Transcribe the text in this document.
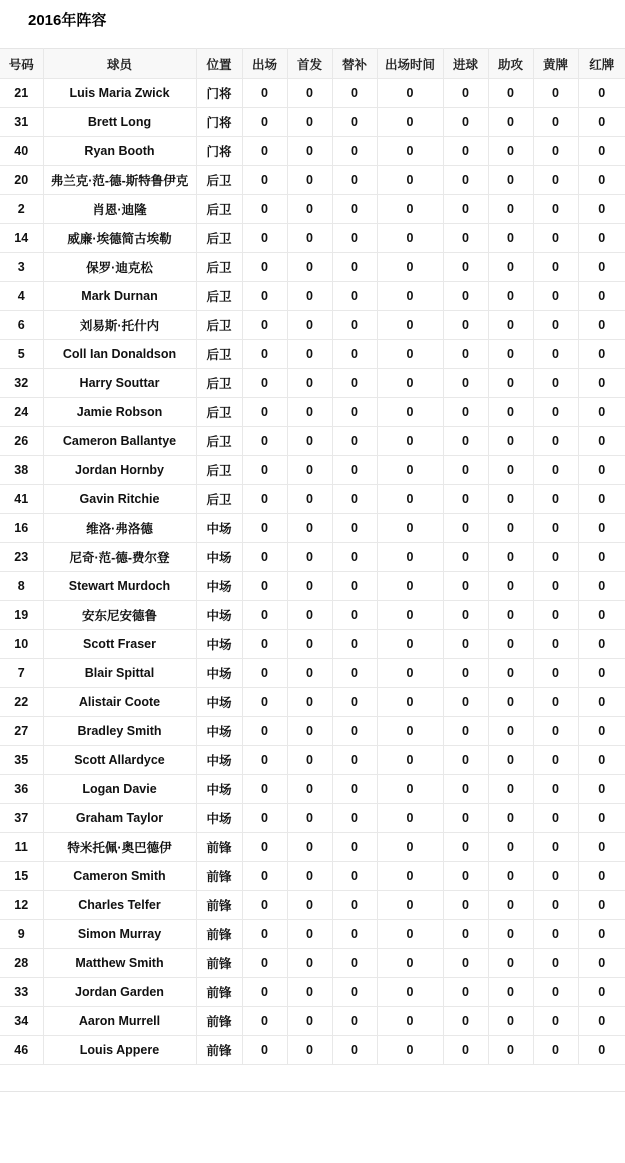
2016年阵容
号码	球员	位置	出场	首发	替补	出场时间	进球	助攻	黄牌	红牌
21	Luis Maria Zwick	门将	0	0	0	0	0	0	0	0
31	Brett Long	门将	0	0	0	0	0	0	0	0
40	Ryan Booth	门将	0	0	0	0	0	0	0	0
20	弗兰克·范-德-斯特鲁伊克	后卫	0	0	0	0	0	0	0	0
2	肖恩·迪隆	后卫	0	0	0	0	0	0	0	0
14	威廉·埃德简古埃勒	后卫	0	0	0	0	0	0	0	0
3	保罗·迪克松	后卫	0	0	0	0	0	0	0	0
4	Mark Durnan	后卫	0	0	0	0	0	0	0	0
6	刘易斯·托什内	后卫	0	0	0	0	0	0	0	0
5	Coll Ian Donaldson	后卫	0	0	0	0	0	0	0	0
32	Harry Souttar	后卫	0	0	0	0	0	0	0	0
24	Jamie Robson	后卫	0	0	0	0	0	0	0	0
26	Cameron Ballantye	后卫	0	0	0	0	0	0	0	0
38	Jordan Hornby	后卫	0	0	0	0	0	0	0	0
41	Gavin Ritchie	后卫	0	0	0	0	0	0	0	0
16	维洛·弗洛德	中场	0	0	0	0	0	0	0	0
23	尼奇·范-德-费尔登	中场	0	0	0	0	0	0	0	0
8	Stewart Murdoch	中场	0	0	0	0	0	0	0	0
19	安东尼安德鲁	中场	0	0	0	0	0	0	0	0
10	Scott Fraser	中场	0	0	0	0	0	0	0	0
7	Blair Spittal	中场	0	0	0	0	0	0	0	0
22	Alistair Coote	中场	0	0	0	0	0	0	0	0
27	Bradley Smith	中场	0	0	0	0	0	0	0	0
35	Scott Allardyce	中场	0	0	0	0	0	0	0	0
36	Logan Davie	中场	0	0	0	0	0	0	0	0
37	Graham Taylor	中场	0	0	0	0	0	0	0	0
11	特米托佩·奥巴德伊	前锋	0	0	0	0	0	0	0	0
15	Cameron Smith	前锋	0	0	0	0	0	0	0	0
12	Charles Telfer	前锋	0	0	0	0	0	0	0	0
9	Simon Murray	前锋	0	0	0	0	0	0	0	0
28	Matthew Smith	前锋	0	0	0	0	0	0	0	0
33	Jordan Garden	前锋	0	0	0	0	0	0	0	0
34	Aaron Murrell	前锋	0	0	0	0	0	0	0	0
46	Louis Appere	前锋	0	0	0	0	0	0	0	0
